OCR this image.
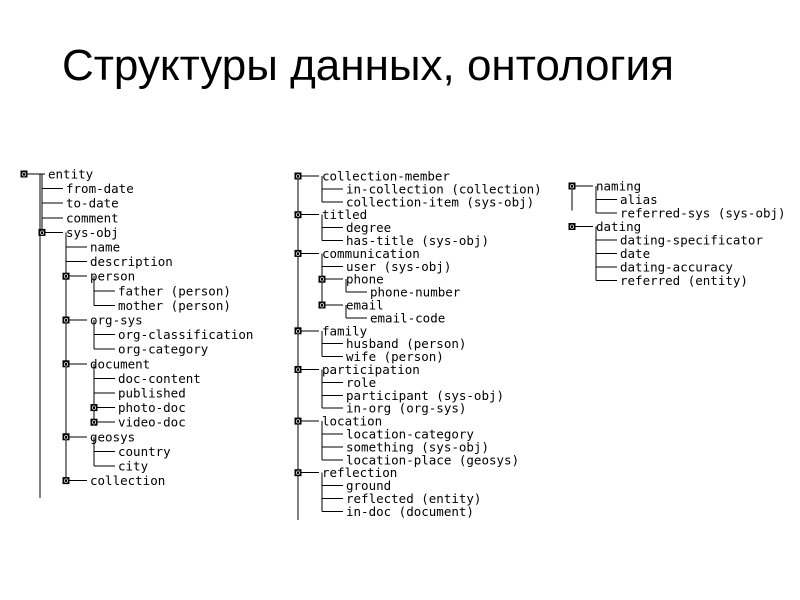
Структуры данных, онтология
o entity
from-date
to-date
comment
o sys-obj
name
description
o person
father (person)
mother (person)
o org-sys
org-classification
org-category
o document
doc-content
published
o photo-doc
o video-doc
o geosys
country
city
o collection
o collection-member
in-collection (collection)
collection-item (sys-obj)
o titled
degree
has-title (sys-obj)
o communication
user (sys-obj)
o phone
phone-number
o email
email-code
o family
husband (person)
wife (person)
o participation
role
participant (sys-obj)
in-org (org-sys)
o location
location-category
something (sys-obj)
location-place (geosys)
o reflection
ground
reflected (entity)
in-doc (document)
o naming
alias
referred-sys (sys-obj)
o dating
dating-specificator
date
dating-accuracy
referred (entity)
